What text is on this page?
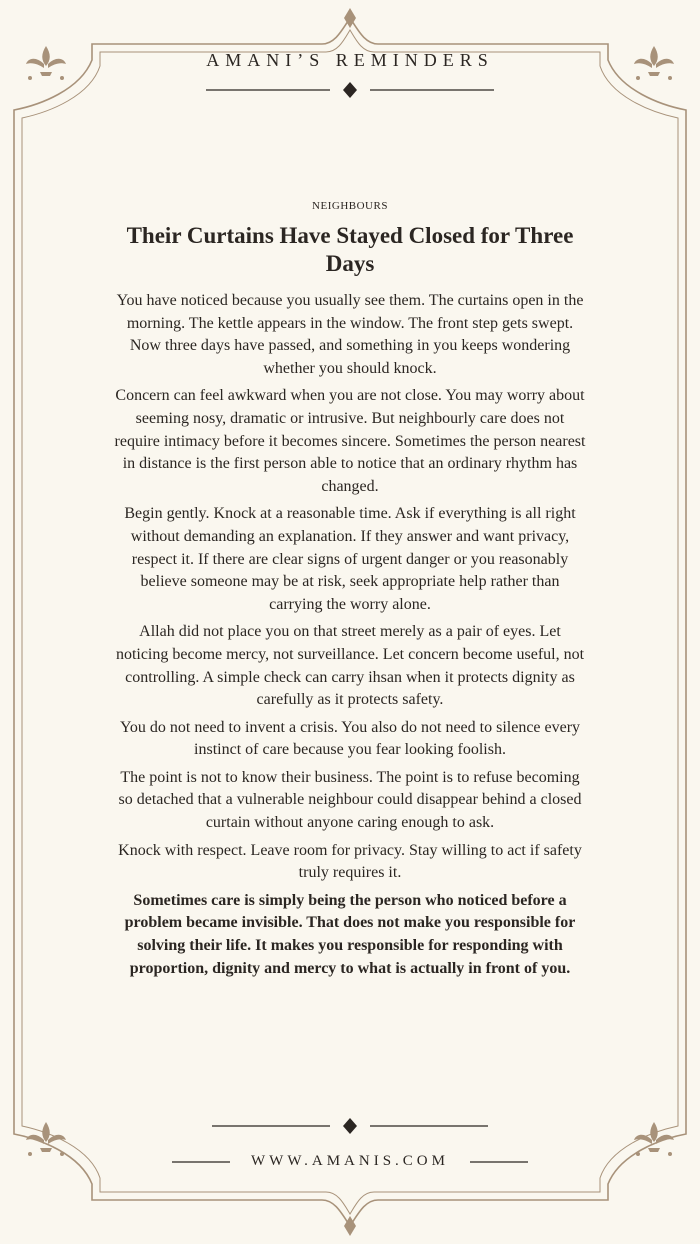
AMANI’S REMINDERS
NEIGHBOURS
Their Curtains Have Stayed Closed for Three Days

You have noticed because you usually see them. The curtains open in the morning. The kettle appears in the window. The front step gets swept. Now three days have passed, and something in you keeps wondering whether you should knock.

Concern can feel awkward when you are not close. You may worry about seeming nosy, dramatic or intrusive. But neighbourly care does not require intimacy before it becomes sincere. Sometimes the person nearest in distance is the first person able to notice that an ordinary rhythm has changed.

Begin gently. Knock at a reasonable time. Ask if everything is all right without demanding an explanation. If they answer and want privacy, respect it. If there are clear signs of urgent danger or you reasonably believe someone may be at risk, seek appropriate help rather than carrying the worry alone.

Allah did not place you on that street merely as a pair of eyes. Let noticing become mercy, not surveillance. Let concern become useful, not controlling. A simple check can carry ihsan when it protects dignity as carefully as it protects safety.

You do not need to invent a crisis. You also do not need to silence every instinct of care because you fear looking foolish.

The point is not to know their business. The point is to refuse becoming so detached that a vulnerable neighbour could disappear behind a closed curtain without anyone caring enough to ask.

Knock with respect. Leave room for privacy. Stay willing to act if safety truly requires it.

Sometimes care is simply being the person who noticed before a problem became invisible. That does not make you responsible for solving their life. It makes you responsible for responding with proportion, dignity and mercy to what is actually in front of you.

WWW.AMANIS.COM
